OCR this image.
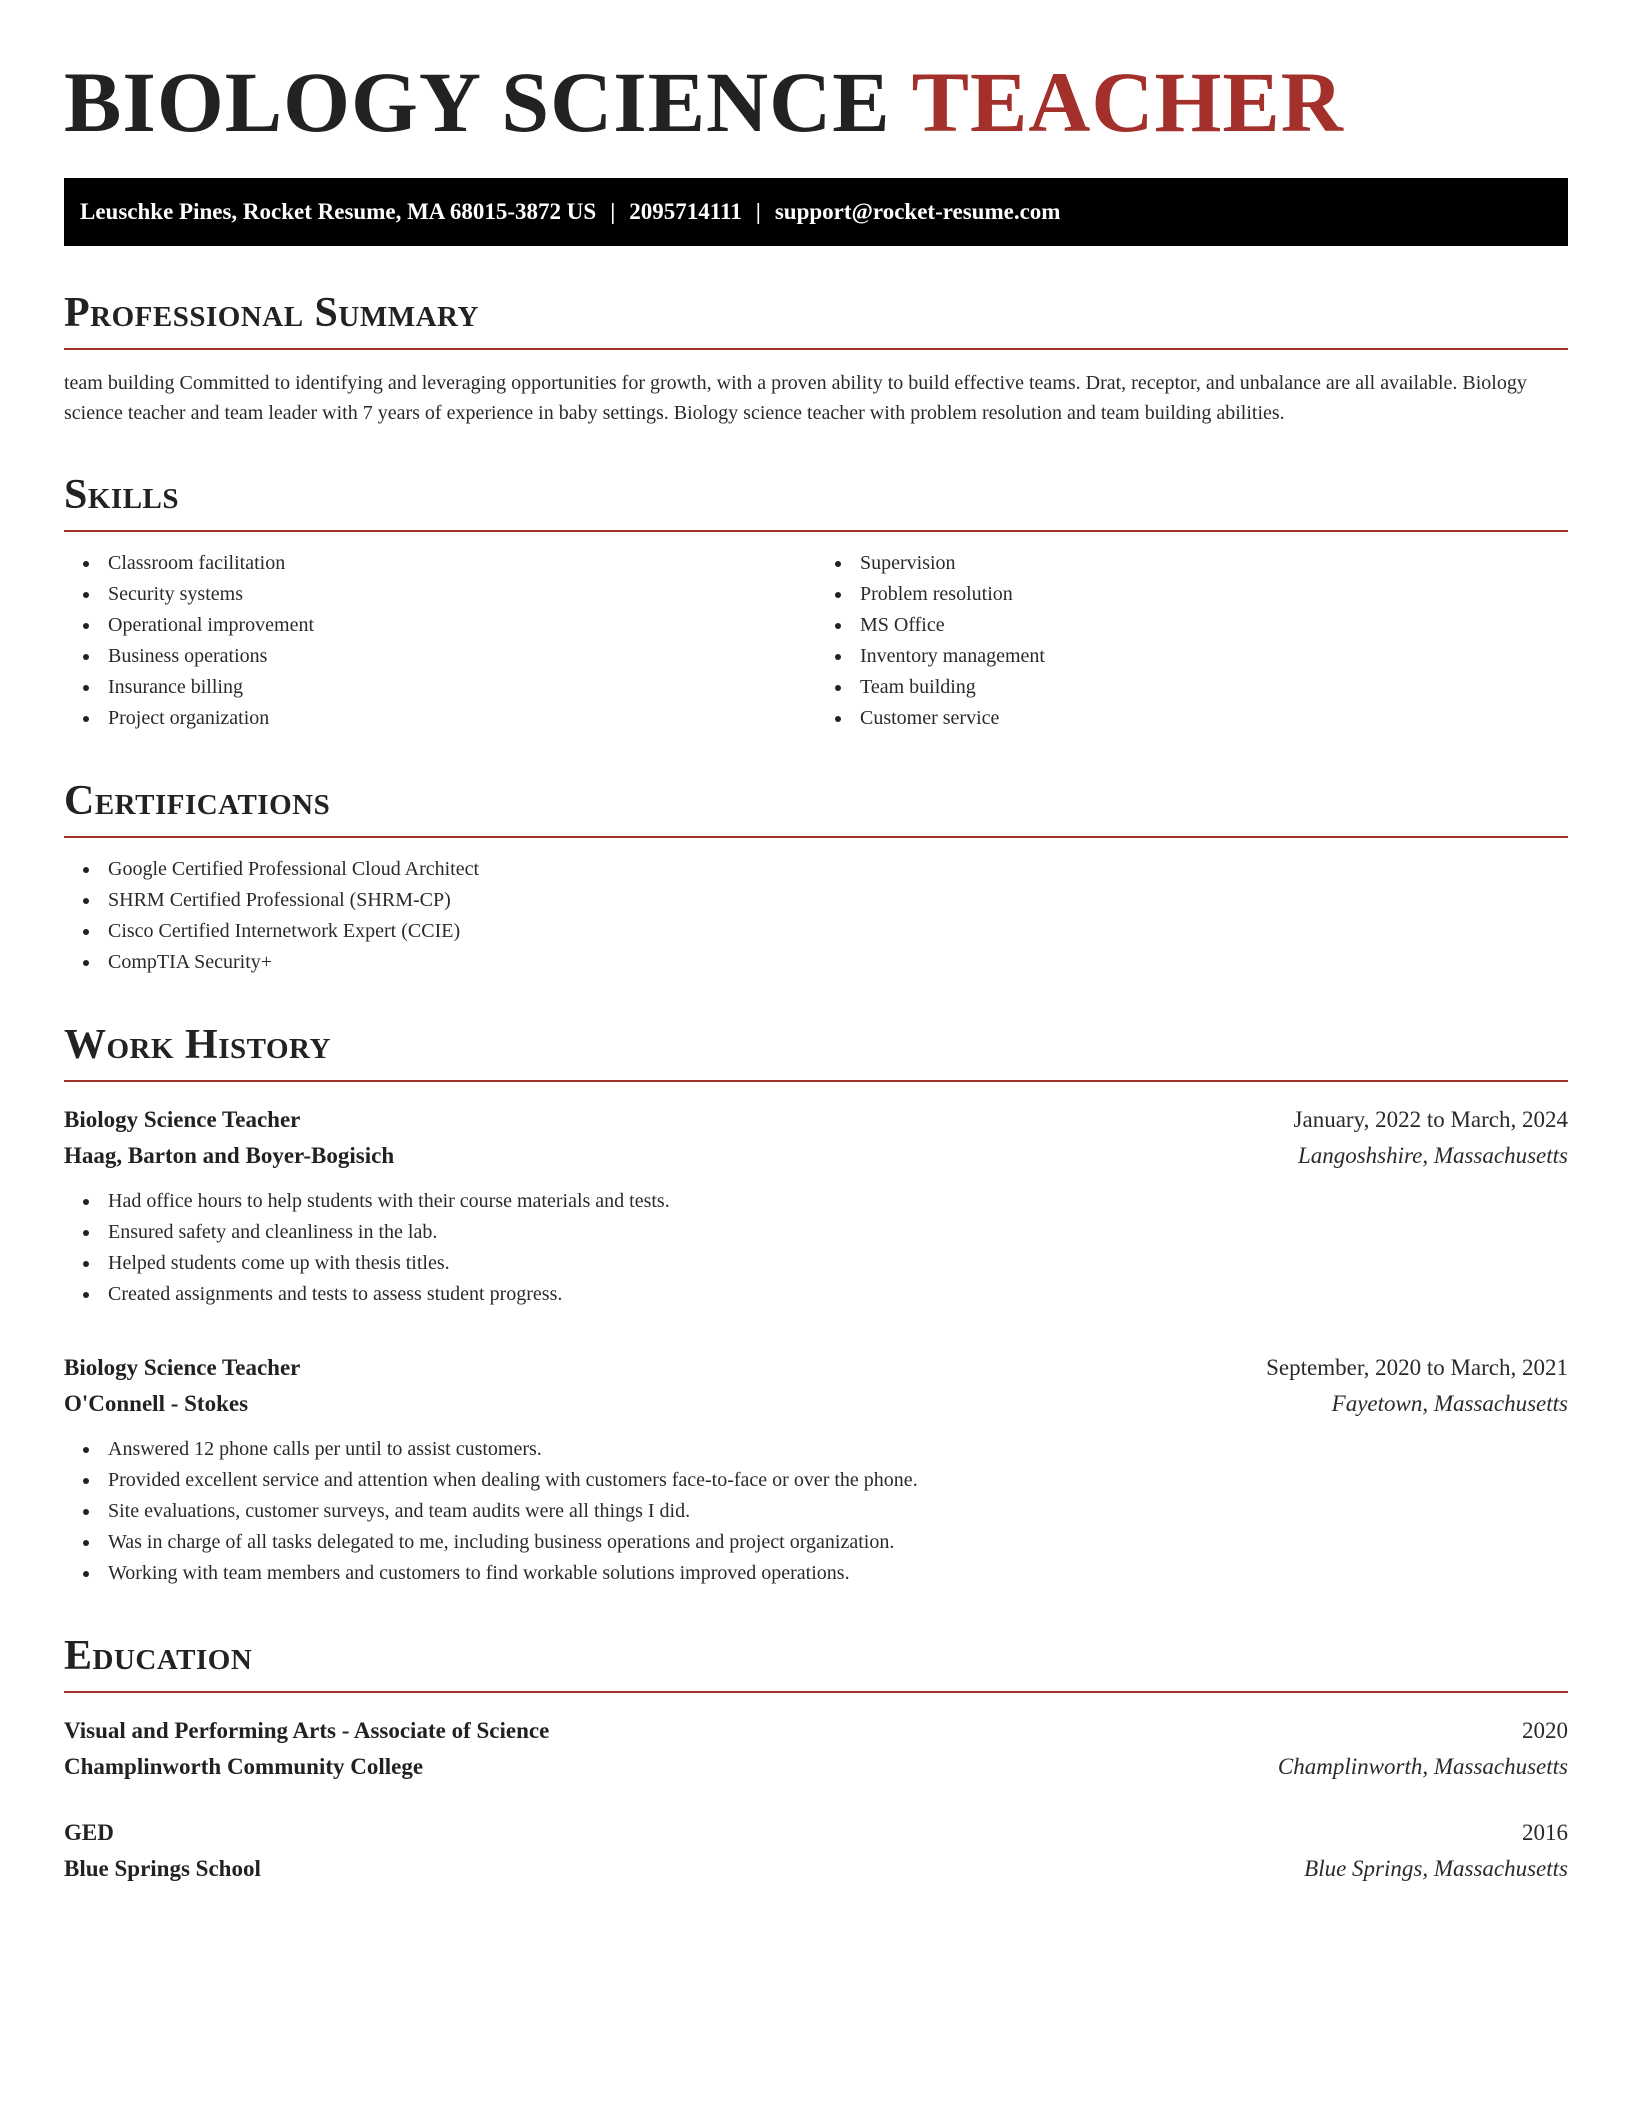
BIOLOGY SCIENCE TEACHER
Leuschke Pines, Rocket Resume, MA 68015-3872 US | 2095714111 | support@rocket-resume.com
Professional Summary

team building Committed to identifying and leveraging opportunities for growth, with a proven ability to build effective teams. Drat, receptor, and unbalance are all available. Biology science teacher and team leader with 7 years of experience in baby settings. Biology science teacher with problem resolution and team building abilities.

Skills
Classroom facilitation
Security systems
Operational improvement
Business operations
Insurance billing
Project organization
Supervision
Problem resolution
MS Office
Inventory management
Team building
Customer service
Certifications
Google Certified Professional Cloud Architect
SHRM Certified Professional (SHRM-CP)
Cisco Certified Internetwork Expert (CCIE)
CompTIA Security+
Work History
Biology Science Teacher	January, 2022 to March, 2024
Haag, Barton and Boyer-Bogisich	Langoshshire, Massachusetts
Had office hours to help students with their course materials and tests.
Ensured safety and cleanliness in the lab.
Helped students come up with thesis titles.
Created assignments and tests to assess student progress.
Biology Science Teacher	September, 2020 to March, 2021
O'Connell - Stokes	Fayetown, Massachusetts
Answered 12 phone calls per until to assist customers.
Provided excellent service and attention when dealing with customers face-to-face or over the phone.
Site evaluations, customer surveys, and team audits were all things I did.
Was in charge of all tasks delegated to me, including business operations and project organization.
Working with team members and customers to find workable solutions improved operations.
Education
Visual and Performing Arts - Associate of Science	2020
Champlinworth Community College	Champlinworth, Massachusetts
GED	2016
Blue Springs School	Blue Springs, Massachusetts
